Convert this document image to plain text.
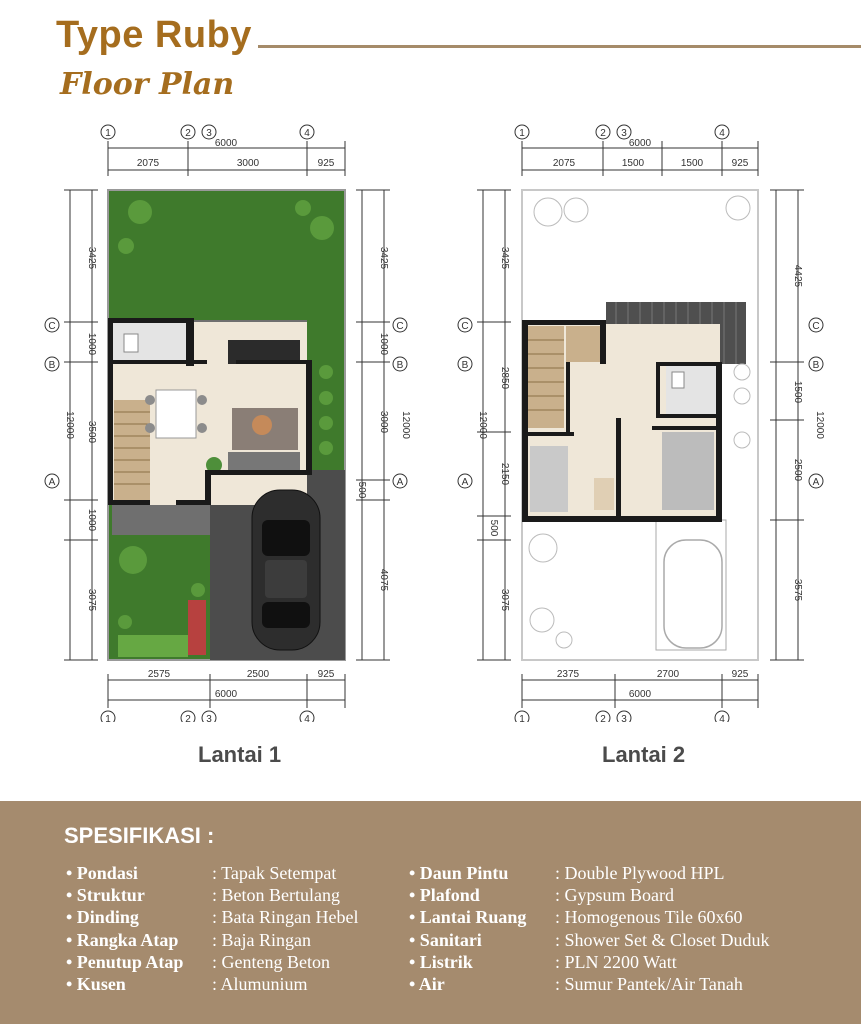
Type Ruby
Floor Plan
6000
2075	3000	925
2575	2500	925
6000
1	2 3	4
1	2 3	4
C
B
A
C
B
A
12000
3425
1000
3500
1000
3075
3425
1000
3000
500
4075
12000
6000
2075	1500	1500	925
2375	2700	925
6000
1	2 3	4
1	2 3	4
C
B
A
C
B
A
12000
3425
2850
2150
500
3075
4425
1500
2500
3575
12000
Lantai 1	Lantai 2
SPESIFIKASI :
• Pondasi	: Tapak Setempat
• Struktur	: Beton Bertulang
• Dinding	: Bata Ringan Hebel
• Rangka Atap : Baja Ringan
• Penutup Atap : Genteng Beton
• Kusen	: Alumunium
• Daun Pintu	: Double Plywood HPL
• Plafond	: Gypsum Board
• Lantai Ruang : Homogenous Tile 60x60
• Sanitari	: Shower Set & Closet Duduk
• Listrik	: PLN 2200 Watt
• Air	: Sumur Pantek/Air Tanah
